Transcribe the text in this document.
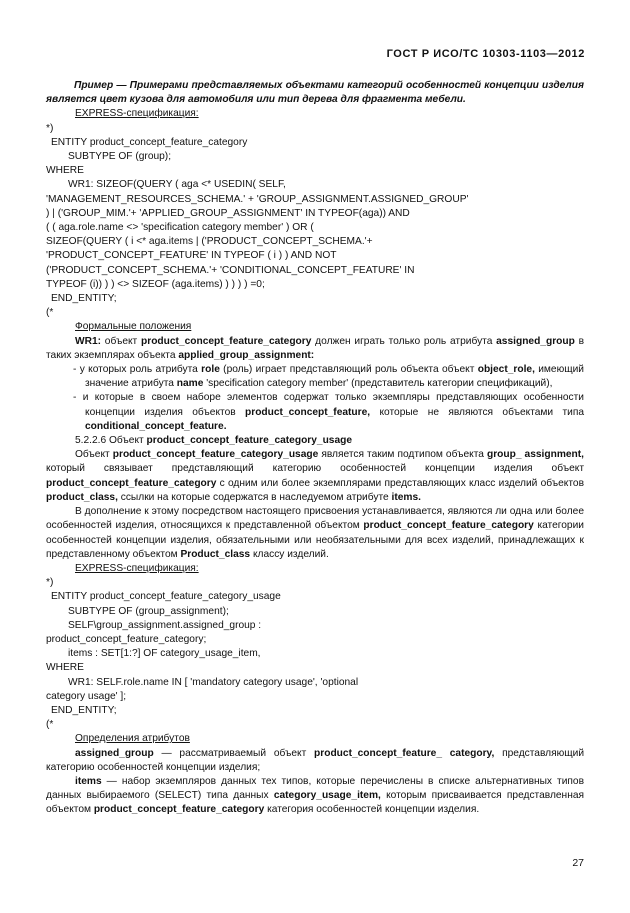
ГОСТ Р ИСО/ТС 10303-1103—2012

Пример — Примерами представляемых объектами категорий особенностей концепции изделия является цвет кузова для автомобиля или тип дерева для фрагмента мебели.

EXPRESS-спецификация:

*)

ENTITY product_concept_feature_category

SUBTYPE OF (group);

WHERE

WR1: SIZEOF(QUERY ( aga <* USEDIN( SELF,

'MANAGEMENT_RESOURCES_SCHEMA.' + 'GROUP_ASSIGNMENT.ASSIGNED_GROUP'

) | ('GROUP_MIM.'+ 'APPLIED_GROUP_ASSIGNMENT' IN TYPEOF(aga)) AND

( ( aga.role.name <> 'specification category member' ) OR (

SIZEOF(QUERY ( i <* aga.items | ('PRODUCT_CONCEPT_SCHEMA.'+

'PRODUCT_CONCEPT_FEATURE' IN TYPEOF ( i ) ) AND NOT

('PRODUCT_CONCEPT_SCHEMA.'+ 'CONDITIONAL_CONCEPT_FEATURE' IN

TYPEOF (i)) ) ) <> SIZEOF (aga.items) ) ) ) ) =0;

END_ENTITY;

(*

Формальные положения

WR1: объект product_concept_feature_category должен играть только роль атрибута assigned_group в таких экземплярах объекта applied_group_assignment:

- у которых роль атрибута role (роль) играет представляющий роль объекта объект object_role, имеющий значение атрибута name 'specification category member' (представитель категории спецификаций),

- и которые в своем наборе элементов содержат только экземпляры представляющих особенности концепции изделия объектов product_concept_feature, которые не являются объектами типа conditional_concept_feature.

5.2.2.6 Объект product_concept_feature_category_usage

Объект product_concept_feature_category_usage является таким подтипом объекта group_ assignment, который связывает представляющий категорию особенностей концепции изделия объект product_concept_feature_category с одним или более экземплярами представляющих класс изделий объектов product_class, ссылки на которые содержатся в наследуемом атрибуте items.

В дополнение к этому посредством настоящего присвоения устанавливается, являются ли одна или более особенностей изделия, относящихся к представленной объектом product_concept_feature_category категории особенностей концепции изделия, обязательными или необязательными для всех изделий, принадлежащих к представленному объектом Product_class классу изделий.

EXPRESS-спецификация:

*)

ENTITY product_concept_feature_category_usage

SUBTYPE OF (group_assignment);

SELF\group_assignment.assigned_group :

product_concept_feature_category;

items : SET[1:?] OF category_usage_item,

WHERE

WR1: SELF.role.name IN [ 'mandatory category usage', 'optional

category usage' ];

END_ENTITY;

(*

Определения атрибутов

assigned_group — рассматриваемый объект product_concept_feature_ category, представляющий категорию особенностей концепции изделия;

items — набор экземпляров данных тех типов, которые перечислены в списке альтернативных типов данных выбираемого (SELECT) типа данных category_usage_item, которым присваивается представленная объектом product_concept_feature_category категория особенностей концепции изделия.

27
